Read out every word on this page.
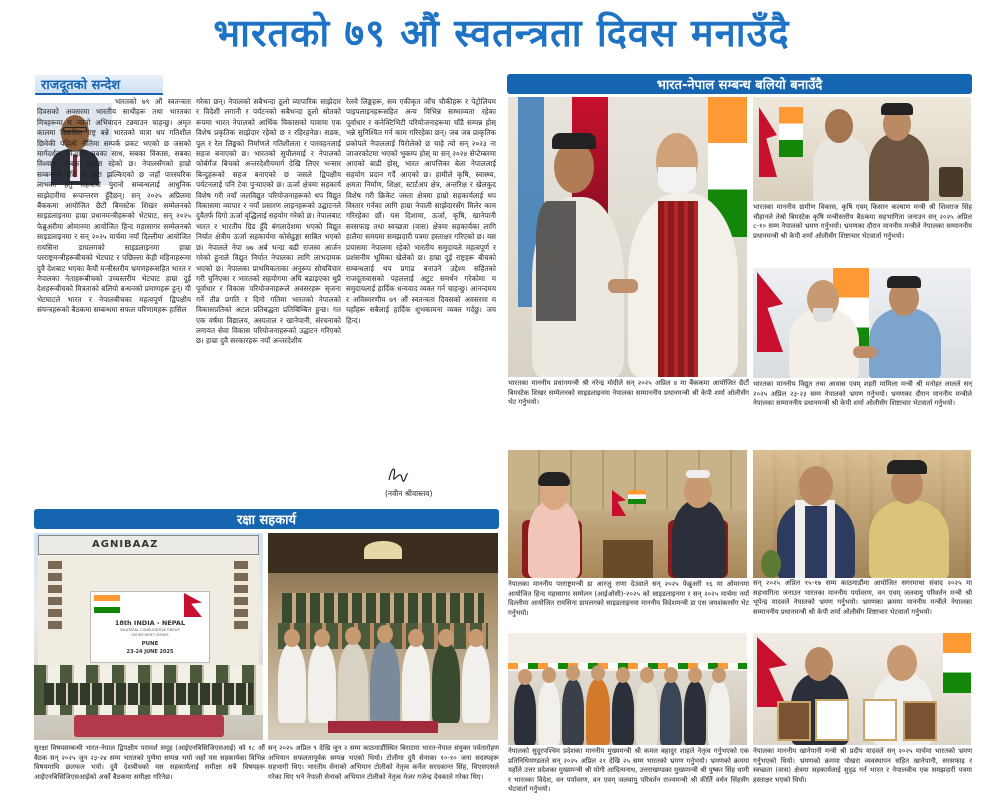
भारतको ७९ औं स्वतन्त्रता दिवस मनाउँदै
राजदूतको सन्देश	भारत-नेपाल सम्बन्ध बलियो बनाउँदै
भारतको ७९ औं स्वतन्त्रता दिवसको अवसरमा भारतीय साथीहरू तथा भारतका मित्रहरूमा म न्यानो अभिवादन टक्र्याउन चाहन्छु। अमृत कालमा विकसित राष्ट्र बन्ने भारतको यात्रा थप गतिशील छिमेकी पहिलो नीतिमा सम्पर्क प्रकट भएको छ जसको मार्गदर्शक सिद्धान्त सबका साथ, सबका विकास, सबका विश्वास, सबका प्रयास रहेको छ। नेपालसँगको हाम्रो सम्बन्धमा पनि यो कुरा झल्किएको छ जहाँ पारस्परिक लाभका हेतु सहयात्री पुरानो सम्बन्धलाई आधुनिक साझेदारीमा रूपान्तरण हुँदैछन्। सन् २०२५ अप्रिलमा बैंककमा आयोजित छैटौं बिमस्टेक शिखर सम्मेलनको साइडलाइनमा हाम्रा प्रधानमन्त्रीहरूको भेटघाट, सन् २०२५ फेब्रुअरीमा ओमानमा आयोजित हिन्द महासागर सम्मेलनको साइडलाइनमा र सन् २०२५ मार्चमा नयाँ दिल्लीमा आयोजित रायसिना डायलगको साइडलाइनमा हाम्रा परराष्ट्रमन्त्रीहरूबीचको भेटघाट र पछिल्ला केही महिनाहरूमा दुवै देशबाट भएका कैयौं मन्त्रीस्तरीय भ्रमणहरूसहित भारत र नेपालका नेताहरूबीचको उच्चस्तरीय भेटघाट हाम्रा दुई देशहरूबीचको मित्रताको बलियो बन्धनको प्रमाणहरू हुन्। यी भेटघाटले भारत र नेपालबीचका महत्वपूर्ण द्विपक्षीय संयन्त्रहरूको बैठकमा सम्बन्धमा सफल परिणामहरू हासिल
गरेका छन्। नेपालको सबैभन्दा ठूलो व्यापारिक साझेदार र विदेशी लगानी र पर्यटनको सबैभन्दा ठूलो स्रोतको रूपमा भारत नेपालको आर्थिक विकासको यात्रामा एक विशेष प्रकृतिक साझेदार रहेको छ र रहिरहनेछ। सडक, पुल र रेल लिङ्कको निर्माणले गतिशीलता र पारवहनलाई सहज बनाएको छ। भारतको सुपौलमाई र नेपालको फोर्बर्गंज बिचको अन्तरदेशीयमार्ग देखि लिएर भन्सार बिन्दुहरूको सहज बनाएको छ जसले द्विपक्षीय पर्यटनलाई पनि टेवा पुऱ्याएको छ। ऊर्जा क्षेत्रमा सहकार्य विशेष गरी नयाँ जलविद्युत परियोजनाहरूको थप विद्युत विकासमा व्यापार र नयाँ प्रसारण लाइनहरूको उद्घाटनले दुवैतर्फ दिगो ऊर्जा वृद्धिलाई सहयोग गरेको छ। नेपालबाट भारत र भारतीय ग्रिड हुँदै बंगलादेशमा भएको विद्युत निर्यात क्षेत्रीय ऊर्जा सहकार्यमा कोसेढुङ्गा साबित भएको छ। नेपालले नेपा ७७ अर्ब भन्दा बढी राजस्व आर्जन गरेको हुनाले विद्युत निर्यात नेपालका लागि लाभदायक भएको छ। नेपालका प्राथमिकताका अनुरूप सोचविचार गरी चुनिएका र भारतको सहयोगमा अघि बढाइएका थुप्रै पूर्वाधार र विकास परियोजनाहरूले अवसरहरू सृजना गर्ने तीव्र प्रगति र दिगो गतिमा भारतको नेपालको विकासप्रतिको अटल प्रतिबद्धता प्रतिबिम्बित हुन्छ। गत एक वर्षमा विद्यालय, अस्पताल र खानेपानी, संरचनाको लगायत सेवा विकास परियोजनाहरूको उद्घाटन गरिएको छ। हाम्रा दुवै सरकारहरू नयाँ अन्तरदेशीय
रेलवे लिङ्कहरू, सम एकीकृत जाँच चौकीहरू र पेट्रोलियम पाइपलाइनहरूसहित अन्य विभिन्न सम्भाव्यता रहेका पूर्वाधार र कनेक्टिभिटी परियोजनाहरूमा चाँडै सम्पन्न होस् भन्ने सुनिश्चित गर्न काम गरिरहेका छन्। जब जब प्राकृतिक प्रकोपले नेपाललाई पिरोलेको छ चाहे त्यो सन् २०२३ ना जाजरकोटमा भएको भुकम्प होस् या सन् २०२४ सेप्टेम्बरमा आएको बाढी होस्, भारत आपत्तिका बेला नेपाललाई सहयोग प्रदान गर्दै आएको छ। हामीले कृषि, स्वास्थ्य, क्षमता निर्माण, शिक्षा, स्टार्टअप क्षेत्र, अन्तरिक्ष र खेलकुद विशेष गरी क्रिकेट जस्ता क्षेत्रमा हाम्रो सहकार्यलाई थप विस्तार गर्नका लागि हाम्रा नेपाली साझेदारसँग मिलेर काम गरिरहेका छौं। यस दिशामा, ऊर्जा, कृषि, खानेपानी सरसफाइ तथा स्वच्छता (वास) क्षेत्रमा सहकार्यका लागि हालैमा समयमा समझदारी पत्रमा हस्ताक्षर गरिएको छ। यस प्रयासमा नेपालमा रहेको भारतीय समुदायले महत्वपूर्ण र प्रशंसनीय भूमिका खेलेको छ। हाम्रा दुई राष्ट्रहरू बीचको सम्बन्धलाई थप प्रगाढ बनाउने उद्देश्य सहितको राजदूतावासको पहललाई अटुट समर्थन गरेकोमा म समुदायलाई हार्दिक धन्यवाद व्यक्त गर्न चाहन्छु। आनन्दमय र अविस्मरणीय ७९ औं स्वतन्त्रता दिवसको अवसरमा म यहाँहरू सबैलाई हार्दिक शुभकामना व्यक्त गर्दछु। जय हिन्द।
(नवीन श्रीवास्तव)
रक्षा सहकार्य
भारतका माननीय प्रधानमन्त्री श्री नरेन्द्र मोदीले सन् २०२५ अप्रिल ४ मा बैंककमा आयोजित छैटौं बिमस्टेक शिखर सम्मेलनको साइडलाइनमा नेपालका सम्माननीय प्रधानमन्त्री श्री केपी शर्मा ओलीसँग भेट गर्नुभयो।
भारतका माननीय ग्रामीण विकास, कृषि एवम् किसान कल्याण मन्त्री श्री शिवराज सिंह चौहानले तेस्रो बिमस्टेक कृषि मन्त्रीस्तरीय बैठकमा सहभागिता जनाउन सन् २०२५ अप्रिल ८-१० सम्म नेपालको भ्रमण गर्नुभयो। भ्रमणका दौरान माननीय मन्त्रीले नेपालका सम्माननीय प्रधानमन्त्री श्री केपी शर्मा ओलीसँग शिष्टाचार भेटवार्ता गर्नुभयो।
भारतका माननीय विद्युत तथा आवास एवम् शहरी मामिला मन्त्री श्री मनोहर लालले सन् २०२५ अप्रिल २३-२३ सम्म नेपालको भ्रमण गर्नुभयो। भ्रमणका दौरान माननीय मन्त्रीले नेपालका सम्माननीय प्रधानमन्त्री श्री केपी शर्मा ओलीसँग शिष्टाचार भेटवार्ता गर्नुभयो।
नेपालका माननीय परराष्ट्रमन्त्री डा आरजु राणा देउवाले सन् २०२५ फेब्रुअरी १६ मा ओमानमा आयोजित हिन्द महासागर सम्मेलन (आईओसी)-२०२५ को साइडलाइनमा र सन् २०२५ मार्चमा नयाँ दिल्लीमा आयोजित रायसिना डायलगको साइडलाइनमा माननीय विदेशमन्त्री डा एस जयशंकरसँग भेट गर्नुभयो।
सन् २०२५ अप्रिल १५-१७ सम्म काठमाडौंमा आयोजित सगरमाथा संवाद २०२५ मा सहभागिता जनाउन भारतका माननीय पर्यावरण, वन एवम् जलवायु परिवर्तन मन्त्री श्री भूपेन्द्र यादवले नेपालको भ्रमण गर्नुभयो। भ्रमणका क्रममा माननीय मन्त्रीले नेपालका सम्माननीय प्रधानमन्त्री श्री केपी शर्मा ओलीसँग शिष्टाचार भेटवार्ता गर्नुभयो।
नेपालको सुदूरपश्चिम प्रदेशका माननीय मुख्यमन्त्री श्री कमल बहादुर शाहले नेतृत्व गर्नुभएको एक प्रतिनिधिमण्डलले सन् २०२५ अप्रिल २१ देखि २५ सम्म भारतको भ्रमण गर्नुभयो। भ्रमणको क्रममा यहाँले उत्तर प्रदेशका मुख्यमन्त्री श्री योगी आदित्यनाथ, उत्तराखण्डका मुख्यमन्त्री श्री पुष्कर सिंह धामी र भारतका विदेश, वन पर्यावरण, वन एवम् जलवायु परिवर्तन राज्यमन्त्री श्री कीर्ति वर्धन सिंहसँग भेटवार्ता गर्नुभयो।
नेपालका माननीय खानेपानी मन्त्री श्री प्रदीप यादवले सन् २०२५ मार्चमा भारतको भ्रमण गर्नुभएको थियो। भ्रमणको क्रममा पोखरा व्यवस्थापन सहित खानेपानी, सरसफाइ र स्वच्छता (वास) क्षेत्रमा सहकार्यलाई सुदृढ गर्न भारत र नेपालबीच एक समझदारी पत्रमा हस्ताक्षर भएको थियो।
AGNIBAAZ
18th INDIA - NEPAL
BILATERAL CONSULTATIVE GROUP
ON SECURITY ISSUES
PUNE
23-24 JUNE 2025
सुरक्षा विषयसम्बन्धी भारत-नेपाल द्विपक्षीय परामर्श समूह (आईएनबिसिजिएसआई) को १८ औं बैठक सन् २०२५ जुन २३-२४ सम्म भारतको पुणेमा सम्पन्न भयो जहाँ यस सहकार्यका विभिन्न विषयमाथि छलफल भयो। दुवै देशबीचको यस सहकार्यलाई समीक्षा सबै विषयहरू आईएनबिसिजिएसआईको अर्को बैठकमा समीक्षा गरिनेछ।
सन् २०२५ अप्रिल ९ देखि जुन २ सम्म काठमाडौंस्थित बिराटमा भारत-नेपाल संयुक्त पर्वतारोहण अभियान सफलतापूर्वक सम्पन्न भएको थियो। टोलीमा दुवै सेनाका १०-१० जना सदस्यहरू सहभागी थिए। भारतीय सेनाको अभियान टोलीको नेतृत्व कर्नेल सरदकान्त सिंह, चिएसएसले गरेका थिए भने नेपाली सेनाको अभियान टोलीको नेतृत्व मेजर गजेन्द्र देवकाले गरेका थिए।
